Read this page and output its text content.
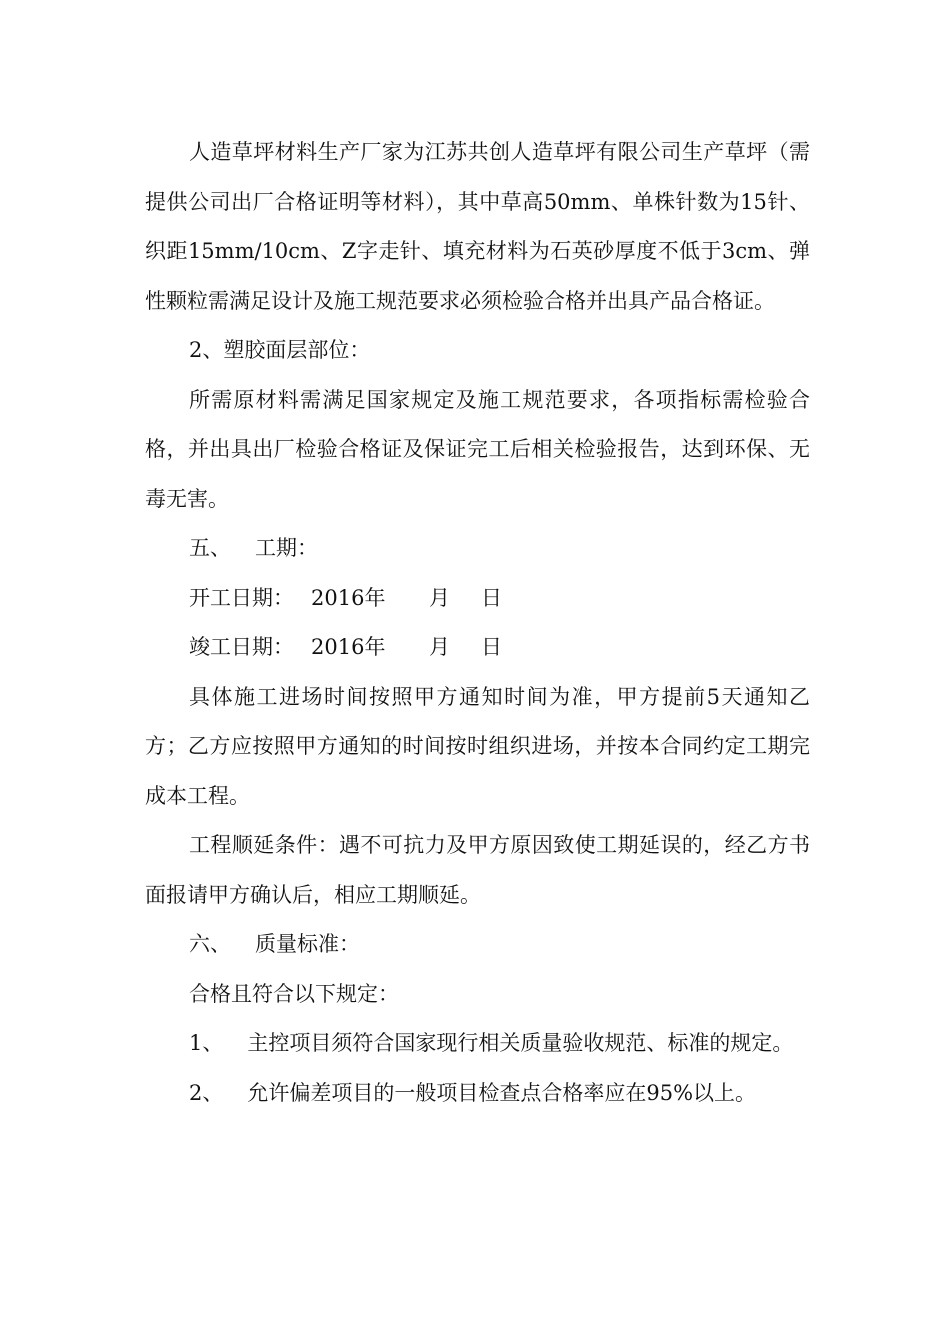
人造草坪材料生产厂家为江苏共创人造草坪有限公司生产草坪（需提供公司出厂合格证明等材料），其中草高50mm、单株针数为15针、织距15mm/10cm、Z字走针、填充材料为石英砂厚度不低于3cm、弹性颗粒需满足设计及施工规范要求必须检验合格并出具产品合格证。

2、塑胶面层部位：

所需原材料需满足国家规定及施工规范要求，各项指标需检验合格，并出具出厂检验合格证及保证完工后相关检验报告，达到环保、无毒无害。

五、 工期：

开工日期： 2016年 月 日

竣工日期： 2016年 月 日

具体施工进场时间按照甲方通知时间为准，甲方提前5天通知乙方；乙方应按照甲方通知的时间按时组织进场，并按本合同约定工期完成本工程。

工程顺延条件：遇不可抗力及甲方原因致使工期延误的，经乙方书面报请甲方确认后，相应工期顺延。

六、 质量标准：

合格且符合以下规定：

1、 主控项目须符合国家现行相关质量验收规范、标准的规定。

2、 允许偏差项目的一般项目检查点合格率应在95%以上。
